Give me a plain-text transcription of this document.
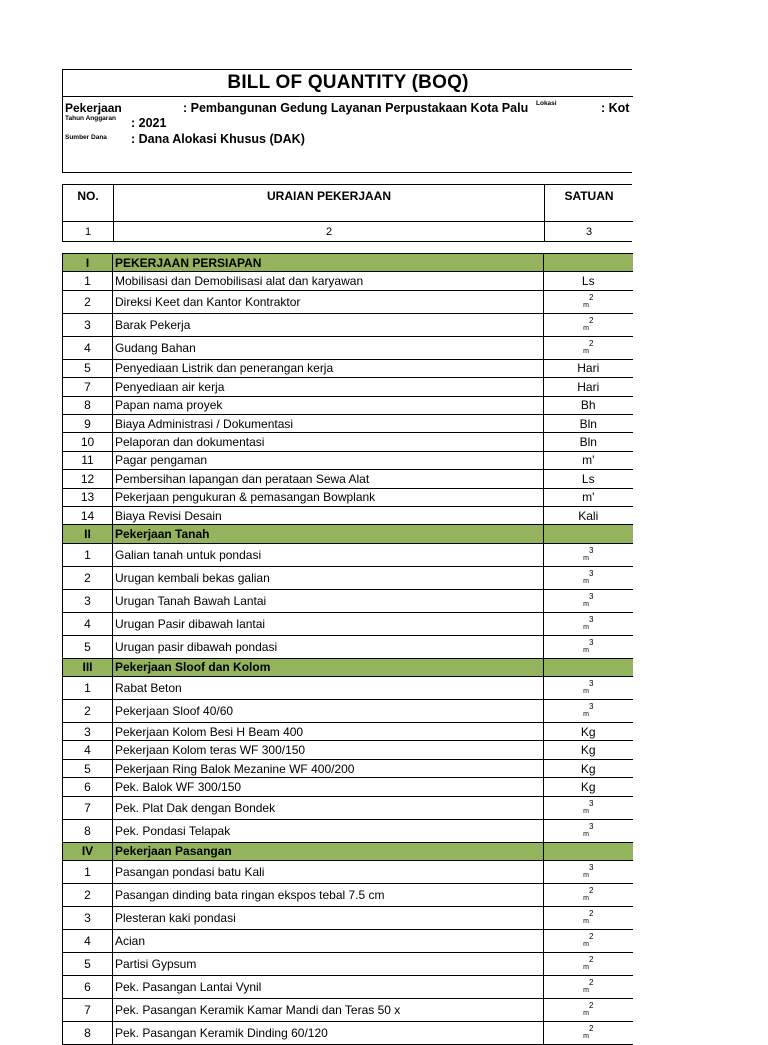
BILL OF QUANTITY (BOQ)
Pekerjaan	: Pembangunan Gedung Layanan Perpustakaan Kota Palu Lokasi	: Kot
Tahun Anggaran : 2021
Sumber Dana : Dana Alokasi Khusus (DAK)
NO.	URAIAN PEKERJAAN	SATUAN
1	2	3
I	PEKERJAAN PERSIAPAN	
1	Mobilisasi dan Demobilisasi alat dan karyawan	Ls
2	Direksi Keet dan Kantor Kontraktor	$_m^2$
3	Barak Pekerja	$_m^2$
4	Gudang Bahan	$_m^2$
5	Penyediaan Listrik dan penerangan kerja	Hari
7	Penyediaan air kerja	Hari
8	Papan nama proyek	Bh
9	Biaya Administrasi / Dokumentasi	Bln
10	Pelaporan dan dokumentasi	Bln
11	Pagar pengaman	m'
12	Pembersihan lapangan dan perataan Sewa Alat	Ls
13	Pekerjaan pengukuran & pemasangan Bowplank	m'
14	Biaya Revisi Desain	Kali
II	Pekerjaan Tanah	
1	Galian tanah untuk pondasi	$_m^3$
2	Urugan kembali bekas galian	$_m^3$
3	Urugan Tanah Bawah Lantai	$_m^3$
4	Urugan Pasir dibawah lantai	$_m^3$
5	Urugan pasir dibawah pondasi	$_m^3$
III	Pekerjaan Sloof dan Kolom	
1	Rabat Beton	$_m^3$
2	Pekerjaan Sloof 40/60	$_m^3$
3	Pekerjaan Kolom Besi H Beam 400	Kg
4	Pekerjaan Kolom teras WF 300/150	Kg
5	Pekerjaan Ring Balok Mezanine WF 400/200	Kg
6	Pek. Balok WF 300/150	Kg
7	Pek. Plat Dak dengan Bondek	$_m^3$
8	Pek. Pondasi Telapak	$_m^3$
IV	Pekerjaan Pasangan	
1	Pasangan pondasi batu Kali	$_m^3$
2	Pasangan dinding bata ringan ekspos tebal 7.5 cm	$_m^2$
3	Plesteran kaki pondasi	$_m^2$
4	Acian	$_m^2$
5	Partisi Gypsum	$_m^2$
6	Pek. Pasangan Lantai Vynil	$_m^2$
7	Pek. Pasangan Keramik Kamar Mandi dan Teras 50 x	$_m^2$
8	Pek. Pasangan Keramik Dinding 60/120	$_m^2$
